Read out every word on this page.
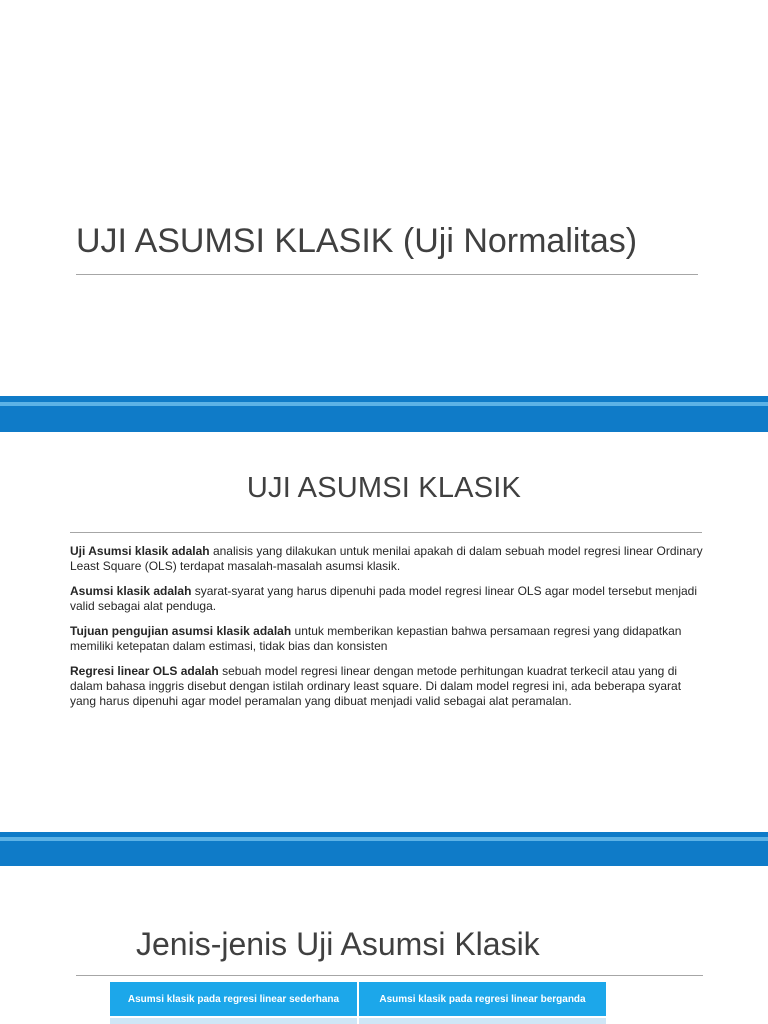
UJI ASUMSI KLASIK (Uji Normalitas)
UJI ASUMSI KLASIK

Uji Asumsi klasik adalah analisis yang dilakukan untuk menilai apakah di dalam sebuah model regresi linear Ordinary Least Square (OLS) terdapat masalah-masalah asumsi klasik.

Asumsi klasik adalah syarat-syarat yang harus dipenuhi pada model regresi linear OLS agar model tersebut menjadi valid sebagai alat penduga.

Tujuan pengujian asumsi klasik adalah untuk memberikan kepastian bahwa persamaan regresi yang didapatkan memiliki ketepatan dalam estimasi, tidak bias dan konsisten

Regresi linear OLS adalah sebuah model regresi linear dengan metode perhitungan kuadrat terkecil atau yang di dalam bahasa inggris disebut dengan istilah ordinary least square. Di dalam model regresi ini, ada beberapa syarat yang harus dipenuhi agar model peramalan yang dibuat menjadi valid sebagai alat peramalan.

Jenis-jenis Uji Asumsi Klasik
Asumsi klasik pada regresi linear sederhana	Asumsi klasik pada regresi linear berganda
